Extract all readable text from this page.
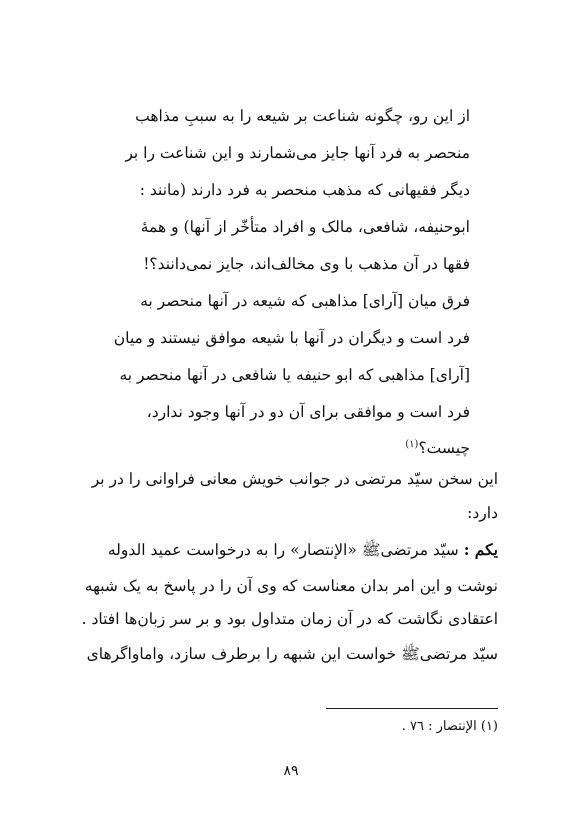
از این رو، چگونه شناعت بر شیعه را به سببِ مذاهب

منحصر به فرد آنها جایز می‌شمارند و این شناعت را بر

دیگر فقیهانی که مذهب منحصر به فرد دارند (مانند :

ابوحنیفه، شافعی، مالک و افراد متأخّر از آنها) و همهٔ

فقها در آن مذهب با وی مخالف‌اند، جایز نمی‌دانند؟!

فرق میان [آرای] مذاهبی که شیعه در آنها منحصر به

فرد است و دیگران در آنها با شیعه موافق نیستند و میان

[آرای] مذاهبی که ابو حنیفه یا شافعی در آنها منحصر به

فرد است و موافقی برای آن دو در آنها وجود ندارد،

چیست؟$^{(١)}$

این سخن سیّد مرتضی در جوانب خویش معانی فراوانی را در بر

دارد:

یکم : سیّد مرتضیﷺ «الإنتصار» را به درخواست عمید الدوله

نوشت و این امر بدان معناست که وی آن را در پاسخ به یک شبهه

اعتقادی نگاشت که در آن زمان متداول بود و بر سر زبان‌ها افتاد .

سیّد مرتضیﷺ خواست این شبهه را برطرف سازد، واماواگرهای

(١) الإنتصار : ٧٦ .

٨٩
